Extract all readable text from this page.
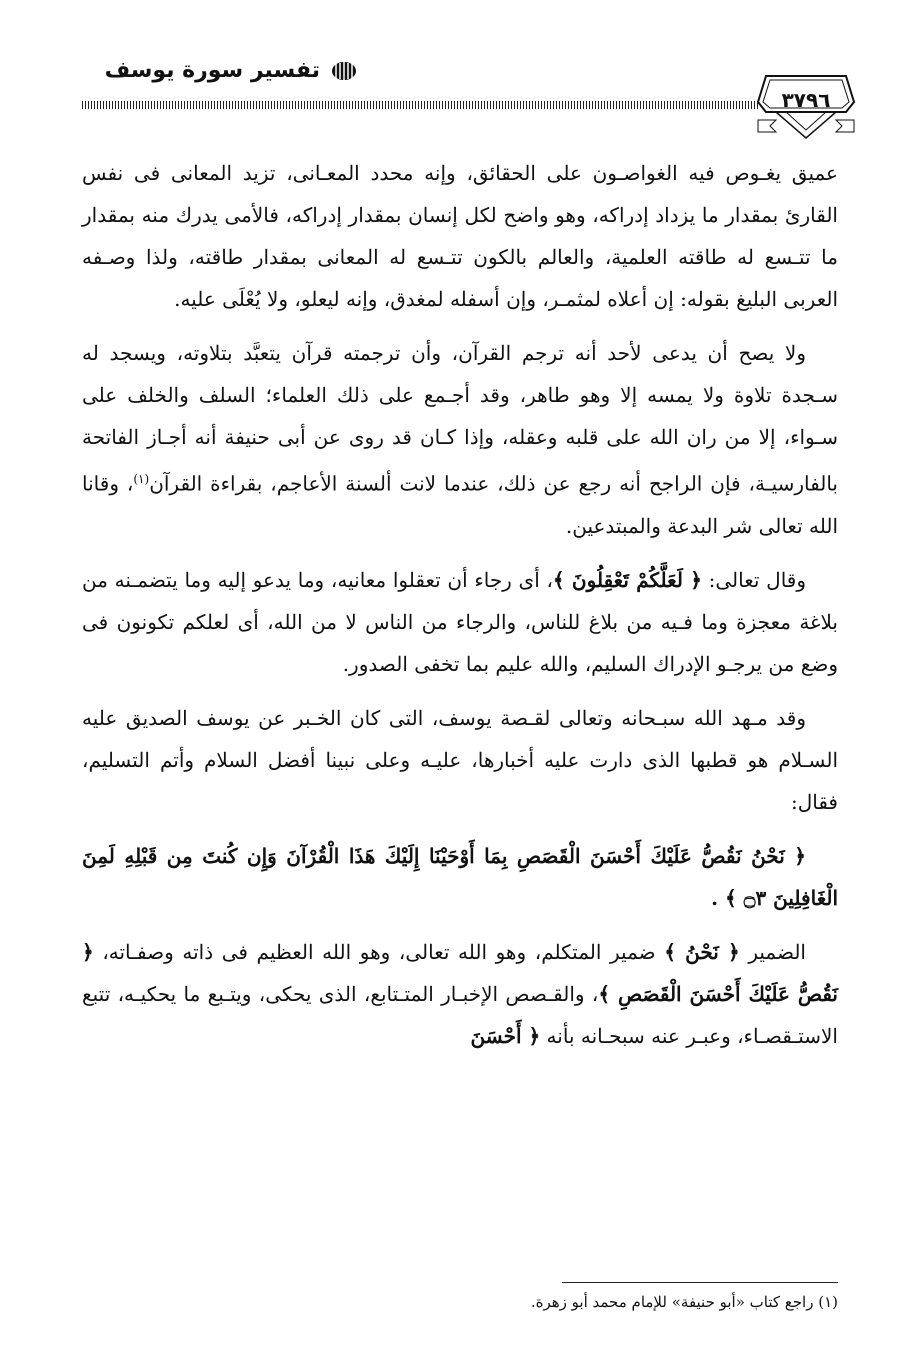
تفسير سورة يوسف
٣٧٩٦

عميق يغـوص فيه الغواصـون على الحقائق، وإنه محدد المعـانى، تزيد المعانى فى نفس القارئ بمقدار ما يزداد إدراكه، وهو واضح لكل إنسان بمقدار إدراكه، فالأمى يدرك منه بمقدار ما تتـسع له طاقته العلمية، والعالم بالكون تتـسع له المعانى بمقدار طاقته، ولذا وصـفه العربى البليغ بقوله: إن أعلاه لمثمـر، وإن أسفله لمغدق، وإنه ليعلو، ولا يُعْلَى عليه.

ولا يصح أن يدعى لأحد أنه ترجم القرآن، وأن ترجمته قرآن يتعبَّد بتلاوته، ويسجد له سـجدة تلاوة ولا يمسه إلا وهو طاهر، وقد أجـمع على ذلك العلماء؛ السلف والخلف على سـواء، إلا من ران الله على قلبه وعقله، وإذا كـان قد روى عن أبى حنيفة أنه أجـاز الفاتحة بالفارسيـة، فإن الراجح أنه رجع عن ذلك، عندما لانت ألسنة الأعاجم، بقراءة القرآن$^{(١)}$، وقانا الله تعالى شر البدعة والمبتدعين.

وقال تعالى: ﴿ لَعَلَّكُمْ تَعْقِلُونَ ﴾، أى رجاء أن تعقلوا معانيه، وما يدعو إليه وما يتضمـنه من بلاغة معجزة وما فـيه من بلاغ للناس، والرجاء من الناس لا من الله، أى لعلكم تكونون فى وضع من يرجـو الإدراك السليم، والله عليم بما تخفى الصدور.

وقد مـهد الله سبـحانه وتعالى لقـصة يوسف، التى كان الخـبر عن يوسف الصديق عليه السـلام هو قطبها الذى دارت عليه أخبارها، عليـه وعلى نبينا أفضل السلام وأتم التسليم، فقال:

﴿ نَحْنُ نَقُصُّ عَلَيْكَ أَحْسَنَ الْقَصَصِ بِمَا أَوْحَيْنَا إِلَيْكَ هَذَا الْقُرْآنَ وَإِن كُنتَ مِن قَبْلِهِ لَمِنَ الْغَافِلِينَ ۝٣ ﴾ .

الضمير ﴿ نَحْنُ ﴾ ضمير المتكلم، وهو الله تعالى، وهو الله العظيم فى ذاته وصفـاته، ﴿ نَقُصُّ عَلَيْكَ أَحْسَنَ الْقَصَصِ ﴾، والقـصص الإخبـار المتـتابع، الذى يحكى، ويتـبع ما يحكيـه، تتبع الاستـقصـاء، وعبـر عنه سبحـانه بأنه ﴿ أَحْسَنَ

(١) راجع كتاب «أبو حنيفة» للإمام محمد أبو زهرة.
